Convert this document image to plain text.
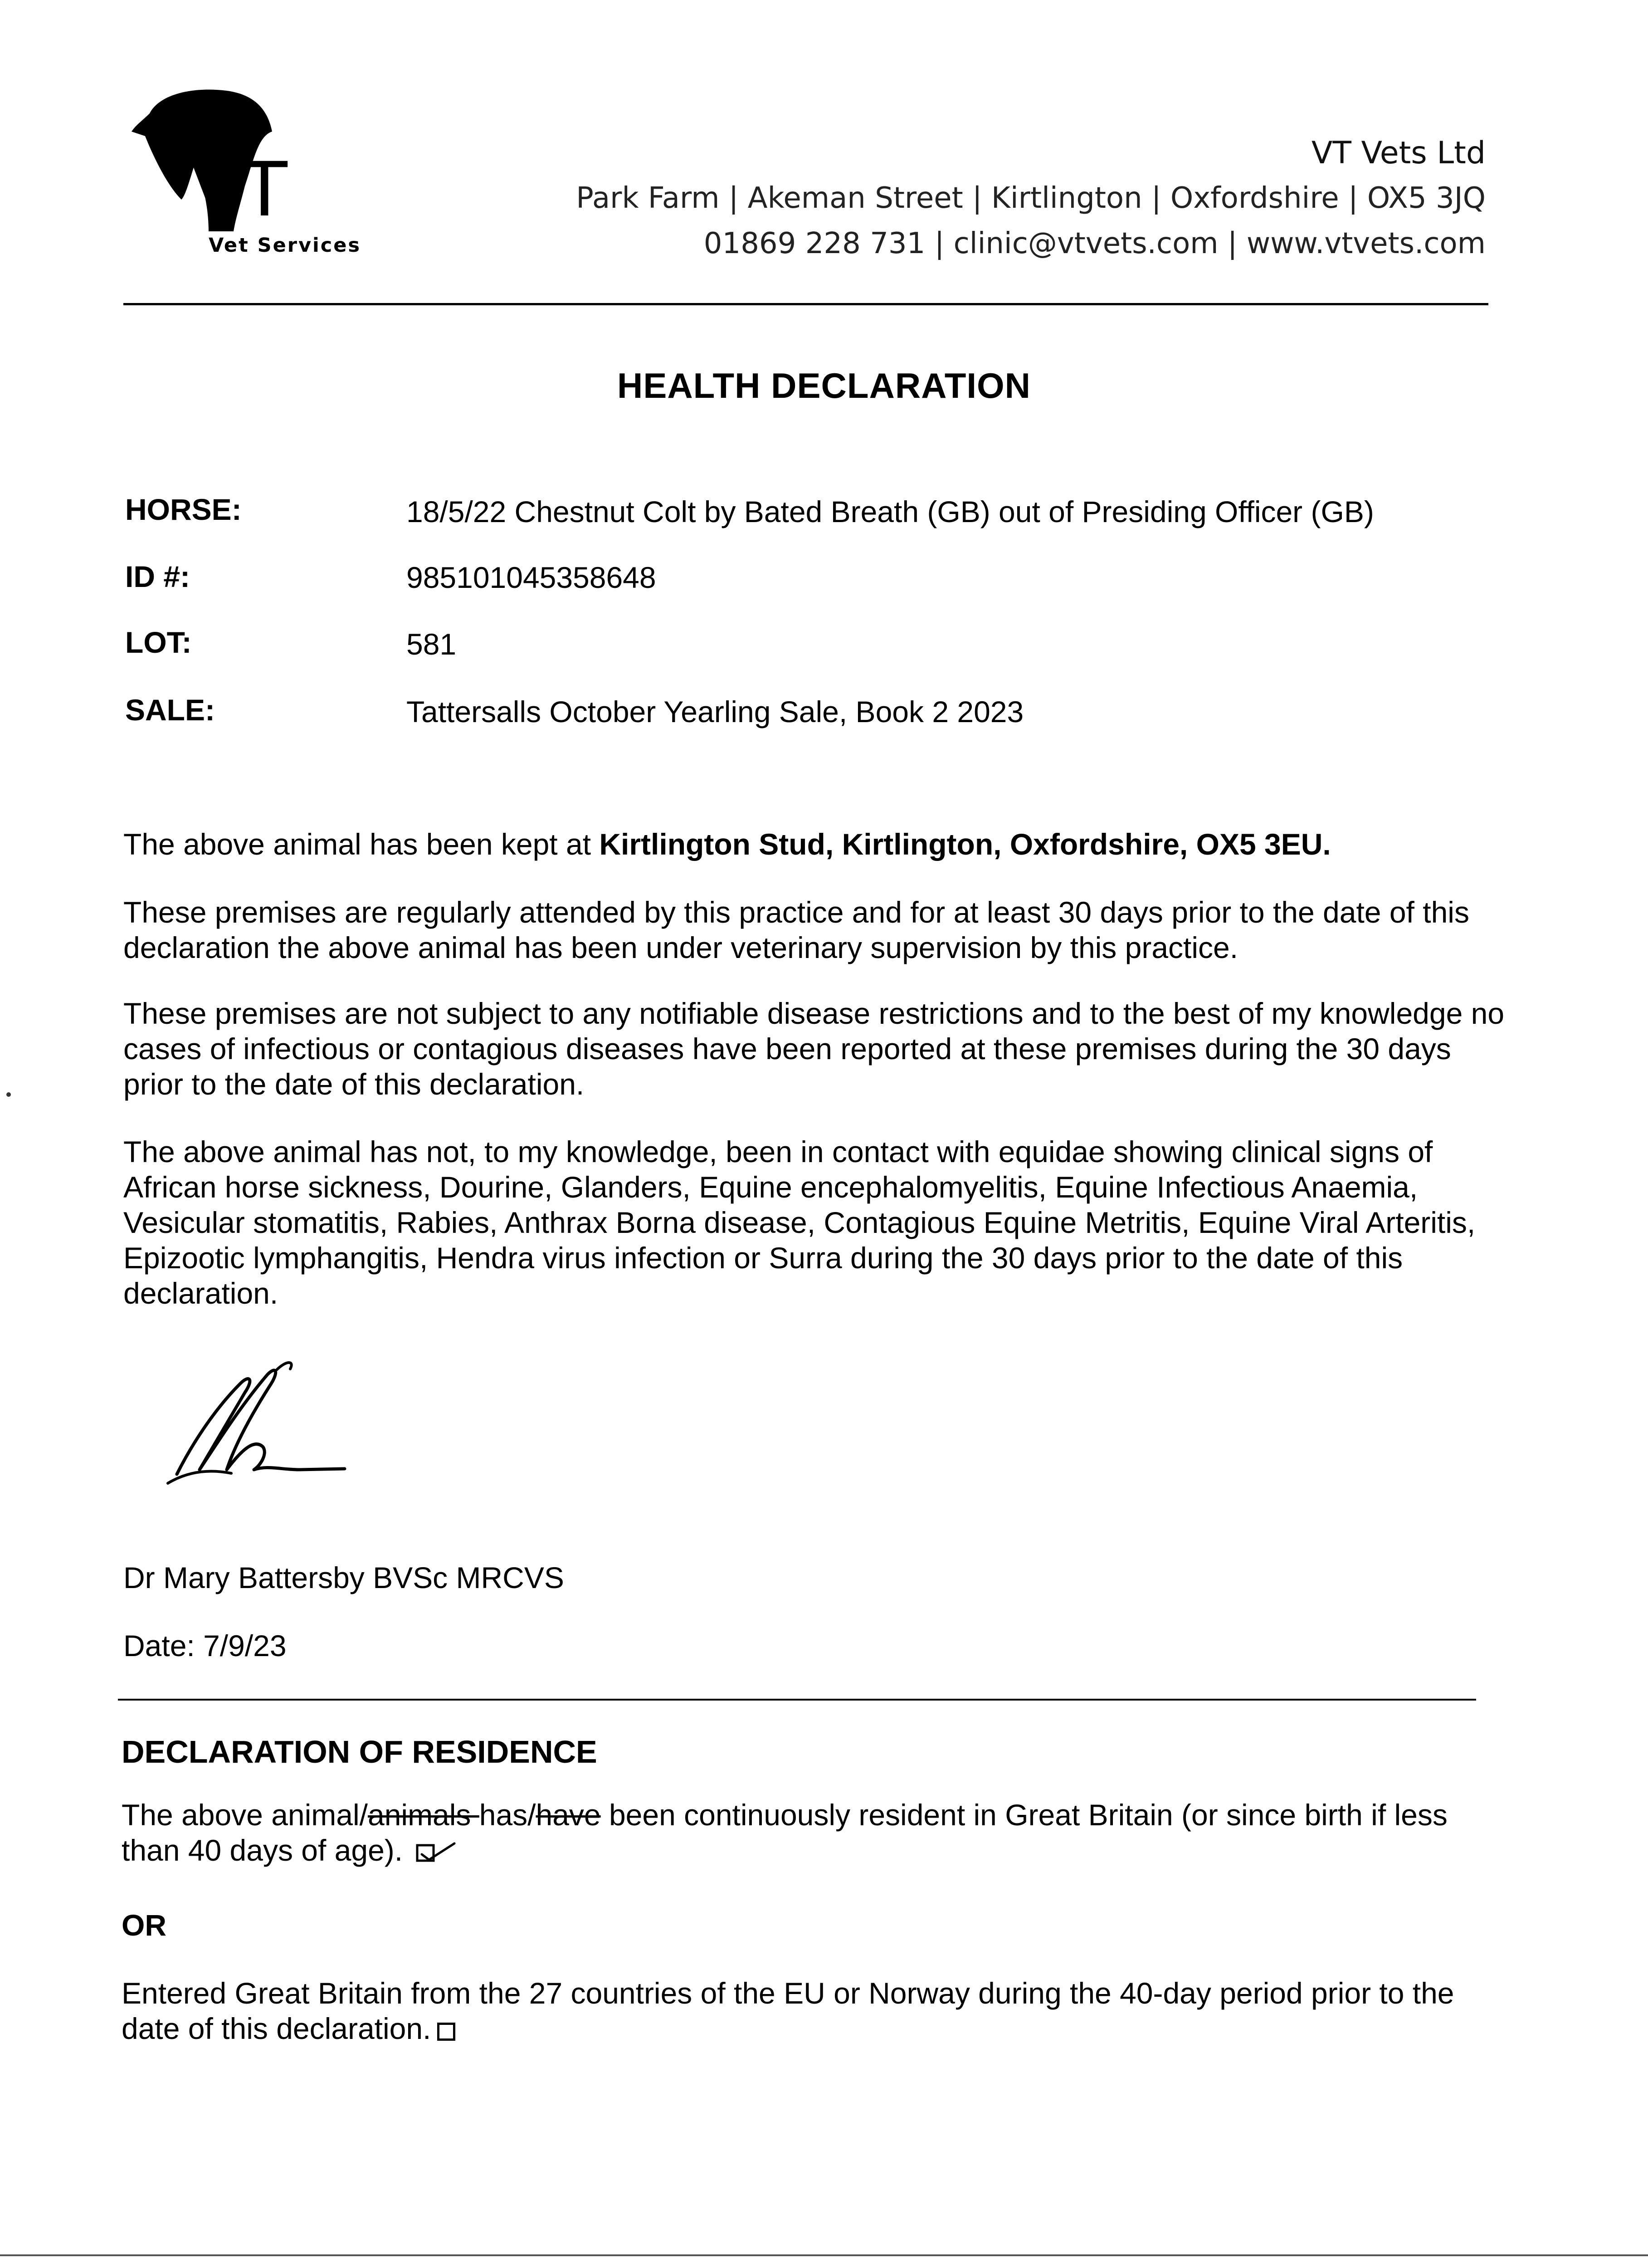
VT
Vet Services
VT Vets Ltd
Park Farm | Akeman Street | Kirtlington | Oxfordshire | OX5 3JQ
01869 228 731 | clinic@vtvets.com | www.vtvets.com
HEALTH DECLARATION
HORSE:	18/5/22 Chestnut Colt by Bated Breath (GB) out of Presiding Officer (GB)
ID #:	985101045358648
LOT:	581
SALE:	Tattersalls October Yearling Sale, Book 2 2023
The above animal has been kept at Kirtlington Stud, Kirtlington, Oxfordshire, OX5 3EU.
These premises are regularly attended by this practice and for at least 30 days prior to the date of this declaration the above animal has been under veterinary supervision by this practice.
These premises are not subject to any notifiable disease restrictions and to the best of my knowledge no cases of infectious or contagious diseases have been reported at these premises during the 30 days prior to the date of this declaration.
The above animal has not, to my knowledge, been in contact with equidae showing clinical signs of African horse sickness, Dourine, Glanders, Equine encephalomyelitis, Equine Infectious Anaemia, Vesicular stomatitis, Rabies, Anthrax Borna disease, Contagious Equine Metritis, Equine Viral Arteritis, Epizootic lymphangitis, Hendra virus infection or Surra during the 30 days prior to the date of this declaration.
Dr Mary Battersby BVSc MRCVS
Date: 7/9/23
DECLARATION OF RESIDENCE
The above animal/animals has/have been continuously resident in Great Britain (or since birth if less than 40 days of age).
OR
Entered Great Britain from the 27 countries of the EU or Norway during the 40-day period prior to the date of this declaration.
